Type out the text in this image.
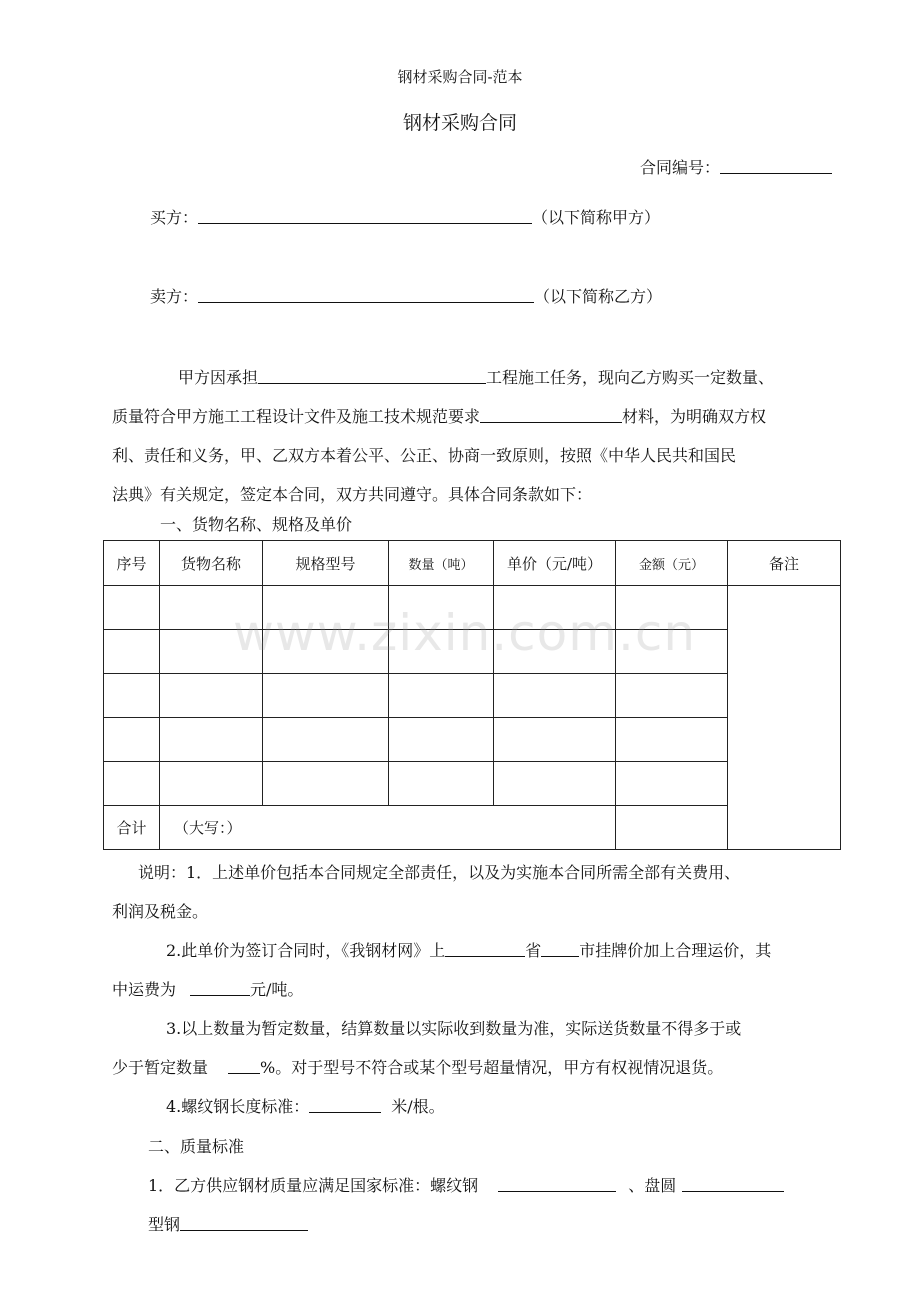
钢材采购合同-范本
钢材采购合同
合同编号：
买方：	（以下简称甲方）
卖方：	（以下简称乙方）
甲方因承担	工程施工任务，现向乙方购买一定数量、
质量符合甲方施工工程设计文件及施工技术规范要求	材料，为明确双方权
利、责任和义务，甲、乙双方本着公平、公正、协商一致原则，按照《中华人民共和国民
法典》有关规定，签定本合同，双方共同遵守。具体合同条款如下：
一、货物名称、规格及单价
序号	货物名称	规格型号	数量（吨）	单价（元/吨）	金额（元）	备注

合计	（大写：）					
说明：1．上述单价包括本合同规定全部责任，以及为实施本合同所需全部有关费用、
利润及税金。
2.此单价为签订合同时，《我钢材网》上	省 市挂牌价加上合理运价，其
中运费为	元/吨。
3.以上数量为暂定数量，结算数量以实际收到数量为准，实际送货数量不得多于或
少于暂定数量	%。对于型号不符合或某个型号超量情况，甲方有权视情况退货。
4.螺纹钢长度标准：	米/根。
二、质量标准
1．乙方供应钢材质量应满足国家标准：螺纹钢	、盘圆
型钢
www.zixin.com.cn
